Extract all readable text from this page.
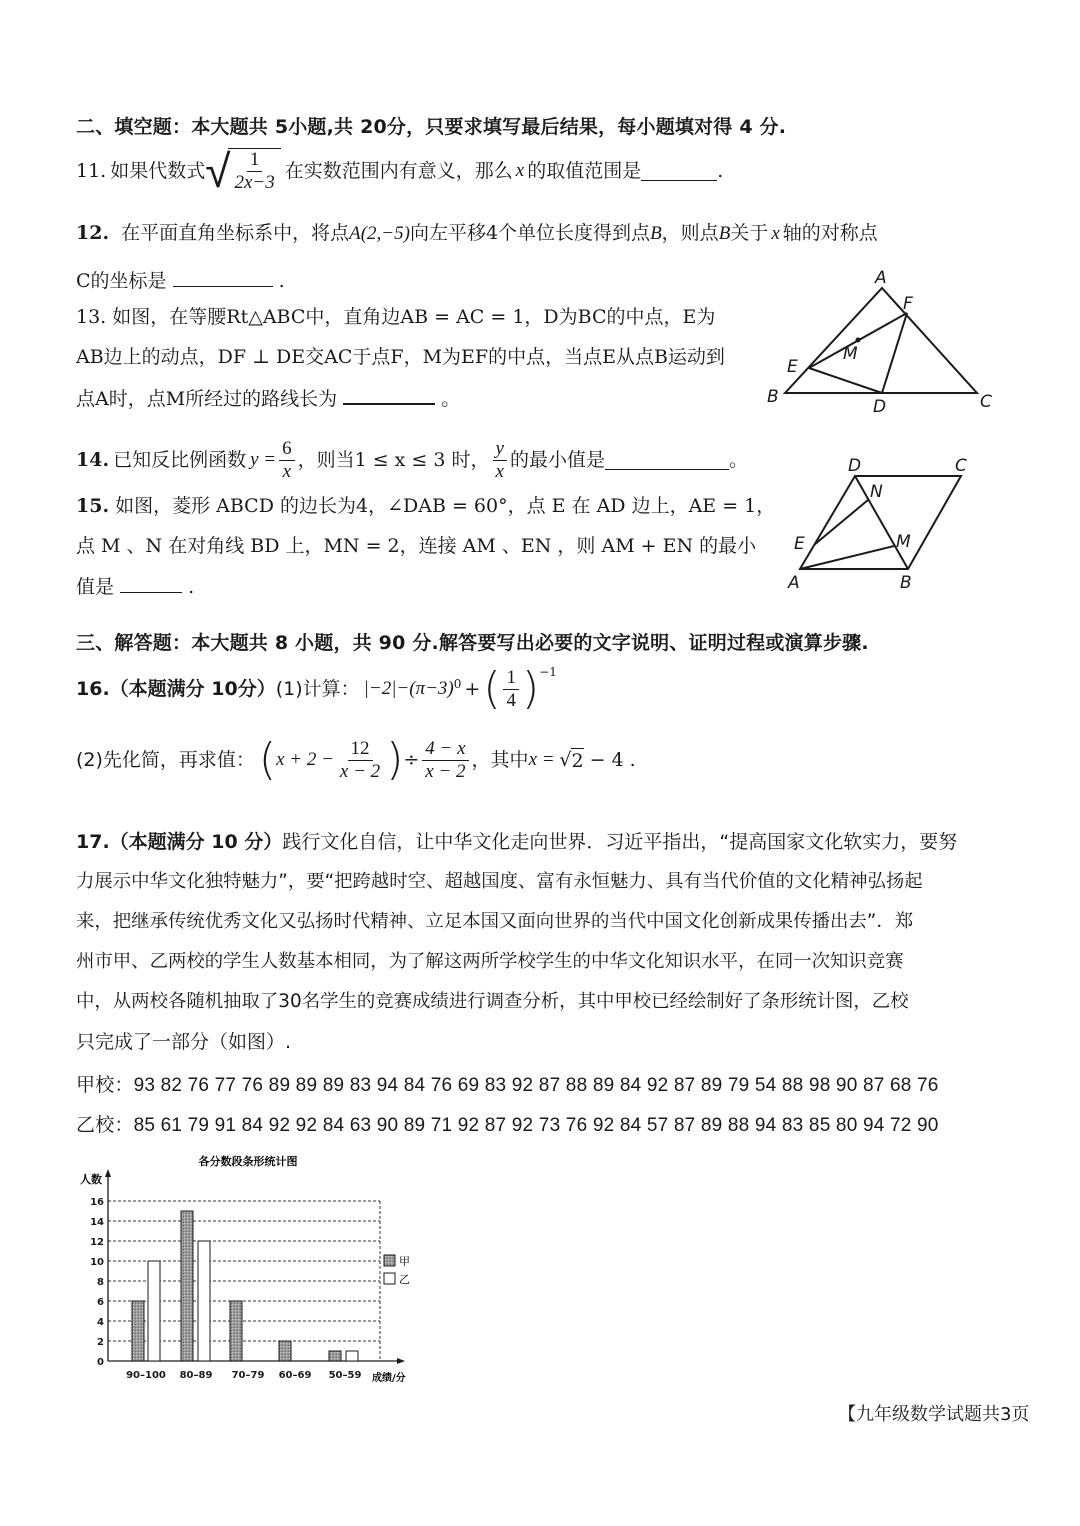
二、填空题：本大题共 5小题,共 20分，只要求填写最后结果，每小题填对得 4 分.
11. 如果代数式 √ $\frac{1}{2x-3}$ 在实数范围内有意义，那么 x 的取值范围是	.
12. 在平面直角坐标系中，将点A(2,−5)向左平移4个单位长度得到点B，则点B关于 x 轴的对称点
C的坐标是	.
13. 如图，在等腰Rt△ABC中，直角边AB = AC = 1，D为BC的中点，E为
AB边上的动点，DF ⊥ DE交AC于点F，M为EF的中点，当点E从点B运动到
点A时，点M所经过的路线长为	。
A
B	C
D
E
F
M
14. 已知反比例函数 $y = \frac{6}{x}$ ，则当1 ≤ x ≤ 3 时， $\frac{y}{x}$ 的最小值是	。
15. 如图，菱形 ABCD 的边长为4，∠DAB = 60°，点 E 在 AD 边上，AE = 1，
点 M 、N 在对角线 BD 上，MN = 2，连接 AM 、EN ，则 AM + EN 的最小
值是	.
D	C
N
E	M
A	B
三、解答题：本大题共 8 小题，共 90 分.解答要写出必要的文字说明、证明过程或演算步骤.
16. （本题满分 10分） (1)计算： $|-2|-(\pi-3)^0$ + ( $\frac{1}{4} )^{-1}$
(2)先化简，再求值： ( $x + 2 - \frac{12}{x - 2}$ ) ÷ $\frac{4 - x}{x - 2}$ ，其中 x = √ 2 − 4 .
17.（本题满分 10 分）践行文化自信，让中华文化走向世界．习近平指出，“提高国家文化软实力，要努
力展示中华文化独特魅力”，要“把跨越时空、超越国度、富有永恒魅力、具有当代价值的文化精神弘扬起
来，把继承传统优秀文化又弘扬时代精神、立足本国又面向世界的当代中国文化创新成果传播出去”．郑
州市甲、乙两校的学生人数基本相同，为了解这两所学校学生的中华文化知识水平，在同一次知识竞赛
中，从两校各随机抽取了30名学生的竞赛成绩进行调查分析，其中甲校已经绘制好了条形统计图，乙校
只完成了一部分（如图）.
甲校：93 82 76 77 76 89 89 89 83 94 84 76 69 83 92 87 88 89 84 92 87 89 79 54 88 98 90 87 68 76
乙校：85 61 79 91 84 92 92 84 63 90 89 71 92 87 92 73 76 92 84 57 87 89 88 94 83 85 80 94 72 90
各分数段条形统计图
人数
0
2
4
6
8
10
12
14
16
90–100 80–89 70–79 60–69 50–59 成绩/分
甲
乙
【九年级数学试题共3页
